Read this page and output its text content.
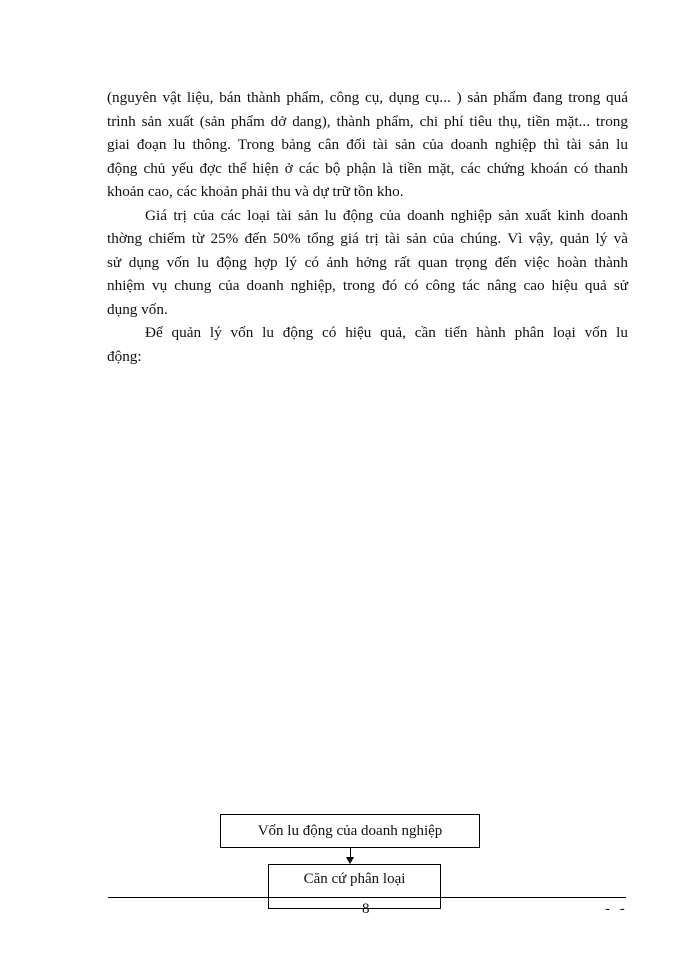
(nguyên vật liệu, bán thành phẩm, công cụ, dụng cụ... ) sản phẩm đang trong quá
trình sản xuất (sản phẩm dở dang), thành phẩm, chi phí tiêu thụ, tiền mặt... trong
giai đoạn lu thông. Trong bảng cân đối tài sản của doanh nghiệp thì tài sản lu
động chủ yếu đợc thể hiện ở các bộ phận là tiền mặt, các chứng khoán có thanh
khoản cao, các khoản phải thu và dự trữ tồn kho.

Giá trị của các loại tài sản lu động của doanh nghiệp sản xuất kinh doanh
thờng chiếm từ 25% đến 50% tổng giá trị tài sản của chúng. Vì vậy, quản lý và
sử dụng vốn lu động hợp lý có ảnh hởng rất quan trọng đến việc hoàn thành
nhiệm vụ chung của doanh nghiệp, trong đó có công tác nâng cao hiệu quả sử
dụng vốn.

Để quản lý vốn lu động có hiệu quả, cần tiến hành phân loại vốn lu
động:

Vốn lu động của doanh nghiệp
Căn cứ phân loại
8	- -
